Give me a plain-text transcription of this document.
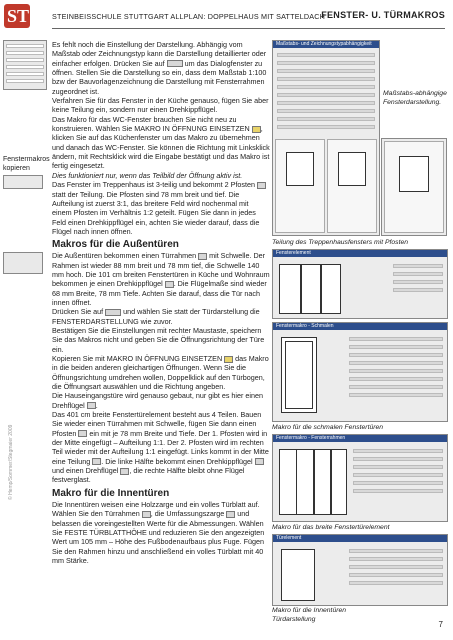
ST	STEINBEISSCHULE STUTTGART ALLPLAN: DOPPELHAUS MIT SATTELDACH
FENSTER- U. TÜRMAKROS
Fenstermakros kopieren
© Hemp/Sommer/Stegmaier 2009

Es fehlt noch die Einstellung der Darstellung. Abhängig vom Maßstab oder Zeichnungstyp kann die Darstellung detaillierter oder einfacher erfolgen. Drücken Sie auf	um das Dialogfenster zu öffnen. Stellen Sie die Darstellung so ein, dass dem Maßstab 1:100 bzw der Bauvorlagenzeichnung die Darstellung mit Fensterrahmen zugeordnet ist.

Verfahren Sie für das Fenster in der Küche genauso, fügen Sie aber keine Teilung ein, sondern nur einen Drehkippflügel.

Das Makro für das WC-Fenster brauchen Sie nicht neu zu konstruieren. Wählen Sie MAKRO IN ÖFFNUNG EINSETZEN , klicken Sie auf das Küchenfenster um das Makro zu übernehmen und danach das WC-Fenster. Sie können die Richtung mit Linksklick ändern, mit Rechtsklick wird die Eingabe bestätigt und das Makro ist fertig eingesetzt.

Dies funktioniert nur, wenn das Teilbild der Öffnung aktiv ist.

Das Fenster im Treppenhaus ist 3-teilig und bekommt 2 Pfosten  statt der Teilung. Die Pfosten sind 78 mm breit und tief. Die Aufteilung ist zuerst 3:1, das breitere Feld wird nochenmal mit einem Pfosten im Verhältnis 1:2 geteilt. Fügen Sie dann in jedes Feld einen Drehkippflügel ein, achten Sie wieder darauf, dass die Flügel nach innen öffnen.

Makros für die Außentüren

Die Außentüren bekommen einen Türrahmen mit Schwelle. Der Rahmen ist wieder 88 mm breit und 78 mm tief, die Schwelle 140 mm hoch. Die 101 cm breiten Fenstertüren in Küche und Wohnraum bekommen je einen Drehkippflügel . Die Flügelmaße sind wieder 68 mm Breite, 78 mm Tiefe. Achten Sie darauf, dass die Tür nach innen öffnet.

Drücken Sie auf	und wählen Sie statt der Türdarstellung die FENSTERDARSTELLUNG wie zuvor.

Bestätigen Sie die Einstellungen mit rechter Maustaste, speichern Sie das Makros nicht und geben Sie die Öffnungsrichtung der Türe ein.

Kopieren Sie mit MAKRO IN ÖFFNUNG EINSETZEN das Makro in die beiden anderen gleichartigen Öffnungen. Wenn Sie die Öffnungsrichtung umdrehen wollen, Doppelklick auf den Türbogen, die Öffnungsart auswählen und die Richtung angeben.

Die Hauseingangstüre wird genauso gebaut, nur gibt es hier einen Drehflügel .

Das 401 cm breite Fenstertürelement besteht aus 4 Teilen. Bauen Sie wieder einen Türrahmen mit Schwelle, fügen Sie dann einen Pfosten ein mit je 78 mm Breite und Tiefe. Der 1. Pfosten wird in der Mitte eingefügt – Aufteilung 1:1. Der 2. Pfosten wird im rechten Teil wieder mit der Aufteilung 1:1 eingefügt. Links kommt in der Mitte eine Teilung . Die linke Hälfte bekommt einen Drehkippflügel  und einen Drehflügel , die rechte Hälfte bleibt ohne Flügel festverglast.

Makro für die Innentüren

Die Innentüren weisen eine Holzzarge und ein volles Türblatt auf. Wählen Sie den Türrahmen , die Umfassungszarge und belassen die voreingestellten Werte für die Abmessungen. Wählen Sie FESTE TÜRBLATTHÖHE und reduzieren Sie den angezeigten Wert um 105 mm – Höhe des Fußbodenaufbaus plus Fuge. Fügen Sie den Rahmen hinzu und anschließend ein volles Türblatt mit 40 mm Stärke.

Maßstabs- und Zeichnungstypabhängigkeit
Maßstabs-abhängige Fensterdarstellung.
Teilung des Treppenhausfensters mit Pfosten
Fensterelement
Fenstermakro - Schmalen
Makro für die schmalen Fenstertüren
Fenstermakro - Fensterrahmen
Makro für das breite Fenstertürelement
Türelement
Makro für die Innentüren Türdarstellung
7
